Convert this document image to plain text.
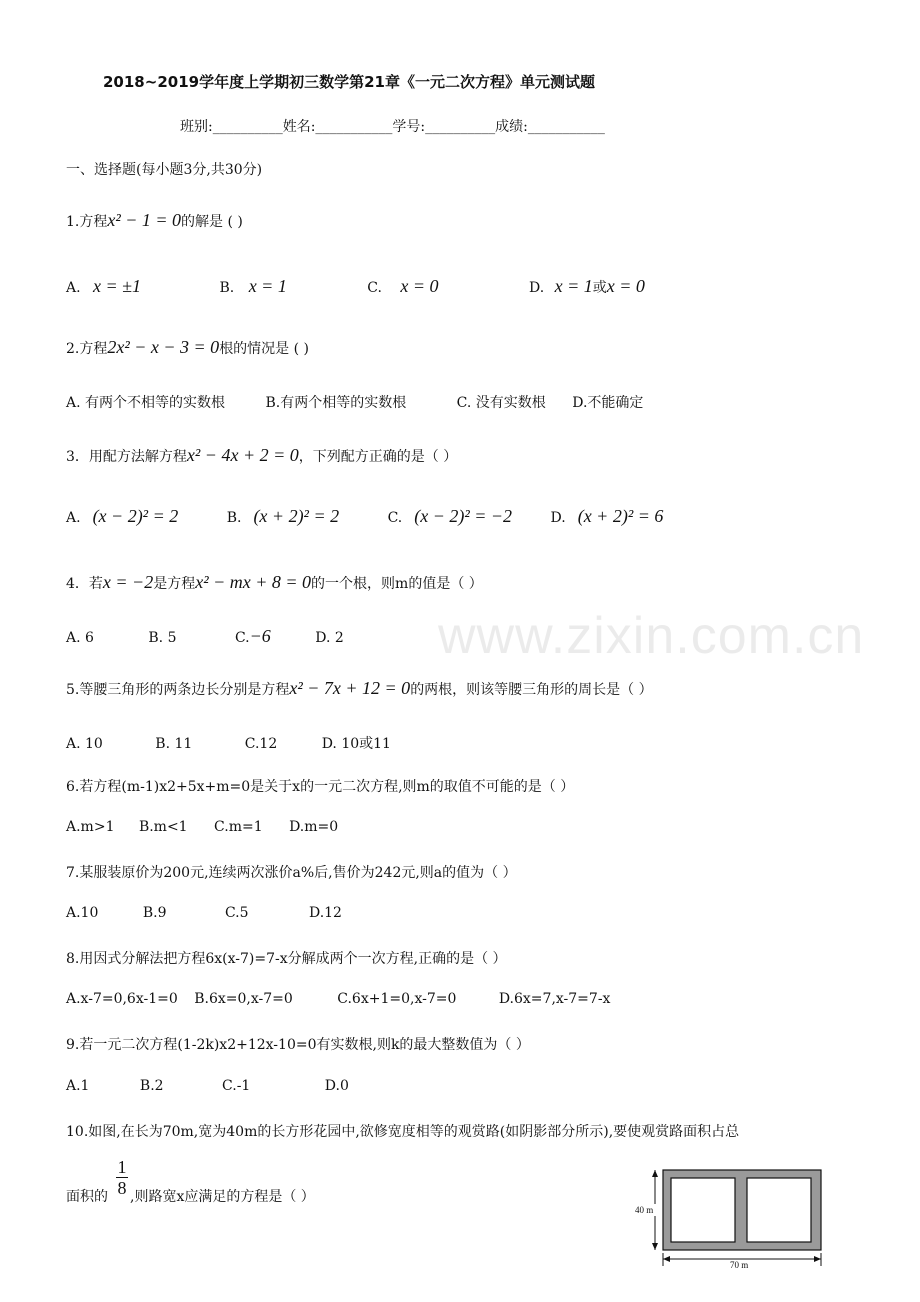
2018~2019学年度上学期初三数学第21章《一元二次方程》单元测试题
班别:__________姓名:___________学号:__________成绩:___________
一、选择题(每小题3分,共30分)
www.zixin.com.cn
1.方程x² − 1 = 0的解是 ( )
A. x = ±1	B. x = 1	C. x = 0	D. x = 1或x = 0
2.方程2x² − x − 3 = 0根的情况是 ( )
A. 有两个不相等的实数根	B.有两个相等的实数根	C. 没有实数根 D.不能确定
3．用配方法解方程x² − 4x + 2 = 0，下列配方正确的是（ ）
A. (x − 2)² = 2	B. (x + 2)² = 2	C. (x − 2)² = −2	D. (x + 2)² = 6
4．若x = −2是方程x² − mx + 8 = 0的一个根，则m的值是（ ）
A. 6	B. 5	C.−6	D. 2
5.等腰三角形的两条边长分别是方程x² − 7x + 12 = 0的两根，则该等腰三角形的周长是（ ）
A. 10	B. 11	C.12	D. 10或11
6.若方程(m-1)x2+5x+m=0是关于x的一元二次方程,则m的取值不可能的是（ ）
A.m>1 B.m<1 C.m=1 D.m=0
7.某服装原价为200元,连续两次涨价a%后,售价为242元,则a的值为（ ）
A.10	B.9	C.5	D.12
8.用因式分解法把方程6x(x-7)=7-x分解成两个一次方程,正确的是（ ）
A.x-7=0,6x-1=0 B.6x=0,x-7=0	C.6x+1=0,x-7=0	D.6x=7,x-7=7-x
9.若一元二次方程(1-2k)x2+12x-10=0有实数根,则k的最大整数值为（ ）
A.1	B.2	C.-1	D.0
10.如图,在长为70m,宽为40m的长方形花园中,欲修宽度相等的观赏路(如阴影部分所示),要使观赏路面积占总
面积的 ,则路宽x应满足的方程是（ ）
$\frac{1}{8}$
40 m
70 m
